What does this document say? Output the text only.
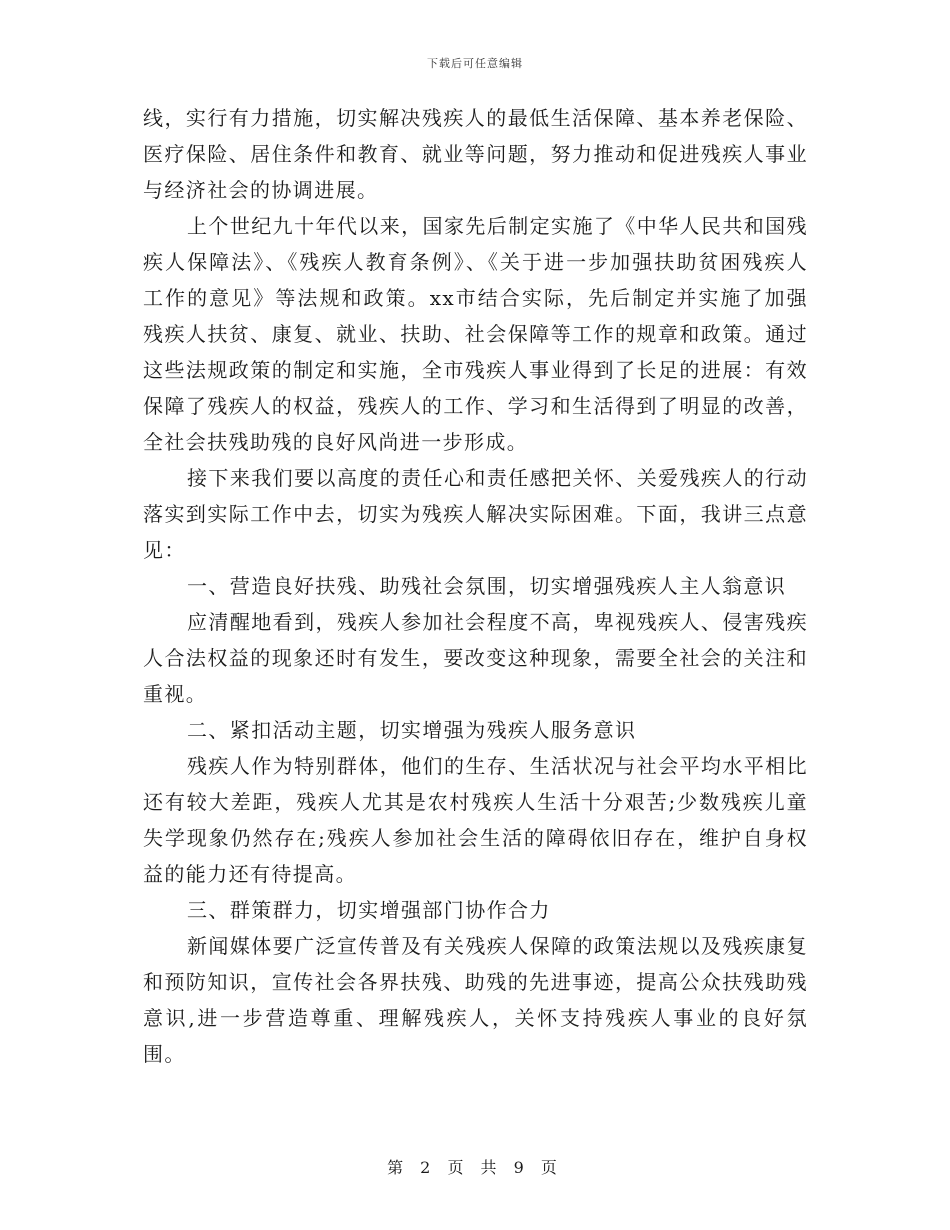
下载后可任意编辑

线，实行有力措施，切实解决残疾人的最低生活保障、基本养老保险、医疗保险、居住条件和教育、就业等问题，努力推动和促进残疾人事业与经济社会的协调进展。

上个世纪九十年代以来，国家先后制定实施了《中华人民共和国残疾人保障法》、《残疾人教育条例》、《关于进一步加强扶助贫困残疾人工作的意见》等法规和政策。xx市结合实际，先后制定并实施了加强残疾人扶贫、康复、就业、扶助、社会保障等工作的规章和政策。通过这些法规政策的制定和实施，全市残疾人事业得到了长足的进展：有效保障了残疾人的权益，残疾人的工作、学习和生活得到了明显的改善，全社会扶残助残的良好风尚进一步形成。

接下来我们要以高度的责任心和责任感把关怀、关爱残疾人的行动落实到实际工作中去，切实为残疾人解决实际困难。下面，我讲三点意见：

一、营造良好扶残、助残社会氛围，切实增强残疾人主人翁意识

应清醒地看到，残疾人参加社会程度不高，卑视残疾人、侵害残疾人合法权益的现象还时有发生，要改变这种现象，需要全社会的关注和重视。

二、紧扣活动主题，切实增强为残疾人服务意识

残疾人作为特别群体，他们的生存、生活状况与社会平均水平相比还有较大差距，残疾人尤其是农村残疾人生活十分艰苦;少数残疾儿童失学现象仍然存在;残疾人参加社会生活的障碍依旧存在，维护自身权益的能力还有待提高。

三、群策群力，切实增强部门协作合力

新闻媒体要广泛宣传普及有关残疾人保障的政策法规以及残疾康复和预防知识，宣传社会各界扶残、助残的先进事迹，提高公众扶残助残意识,进一步营造尊重、理解残疾人，关怀支持残疾人事业的良好氛围。

第 2 页 共 9 页
